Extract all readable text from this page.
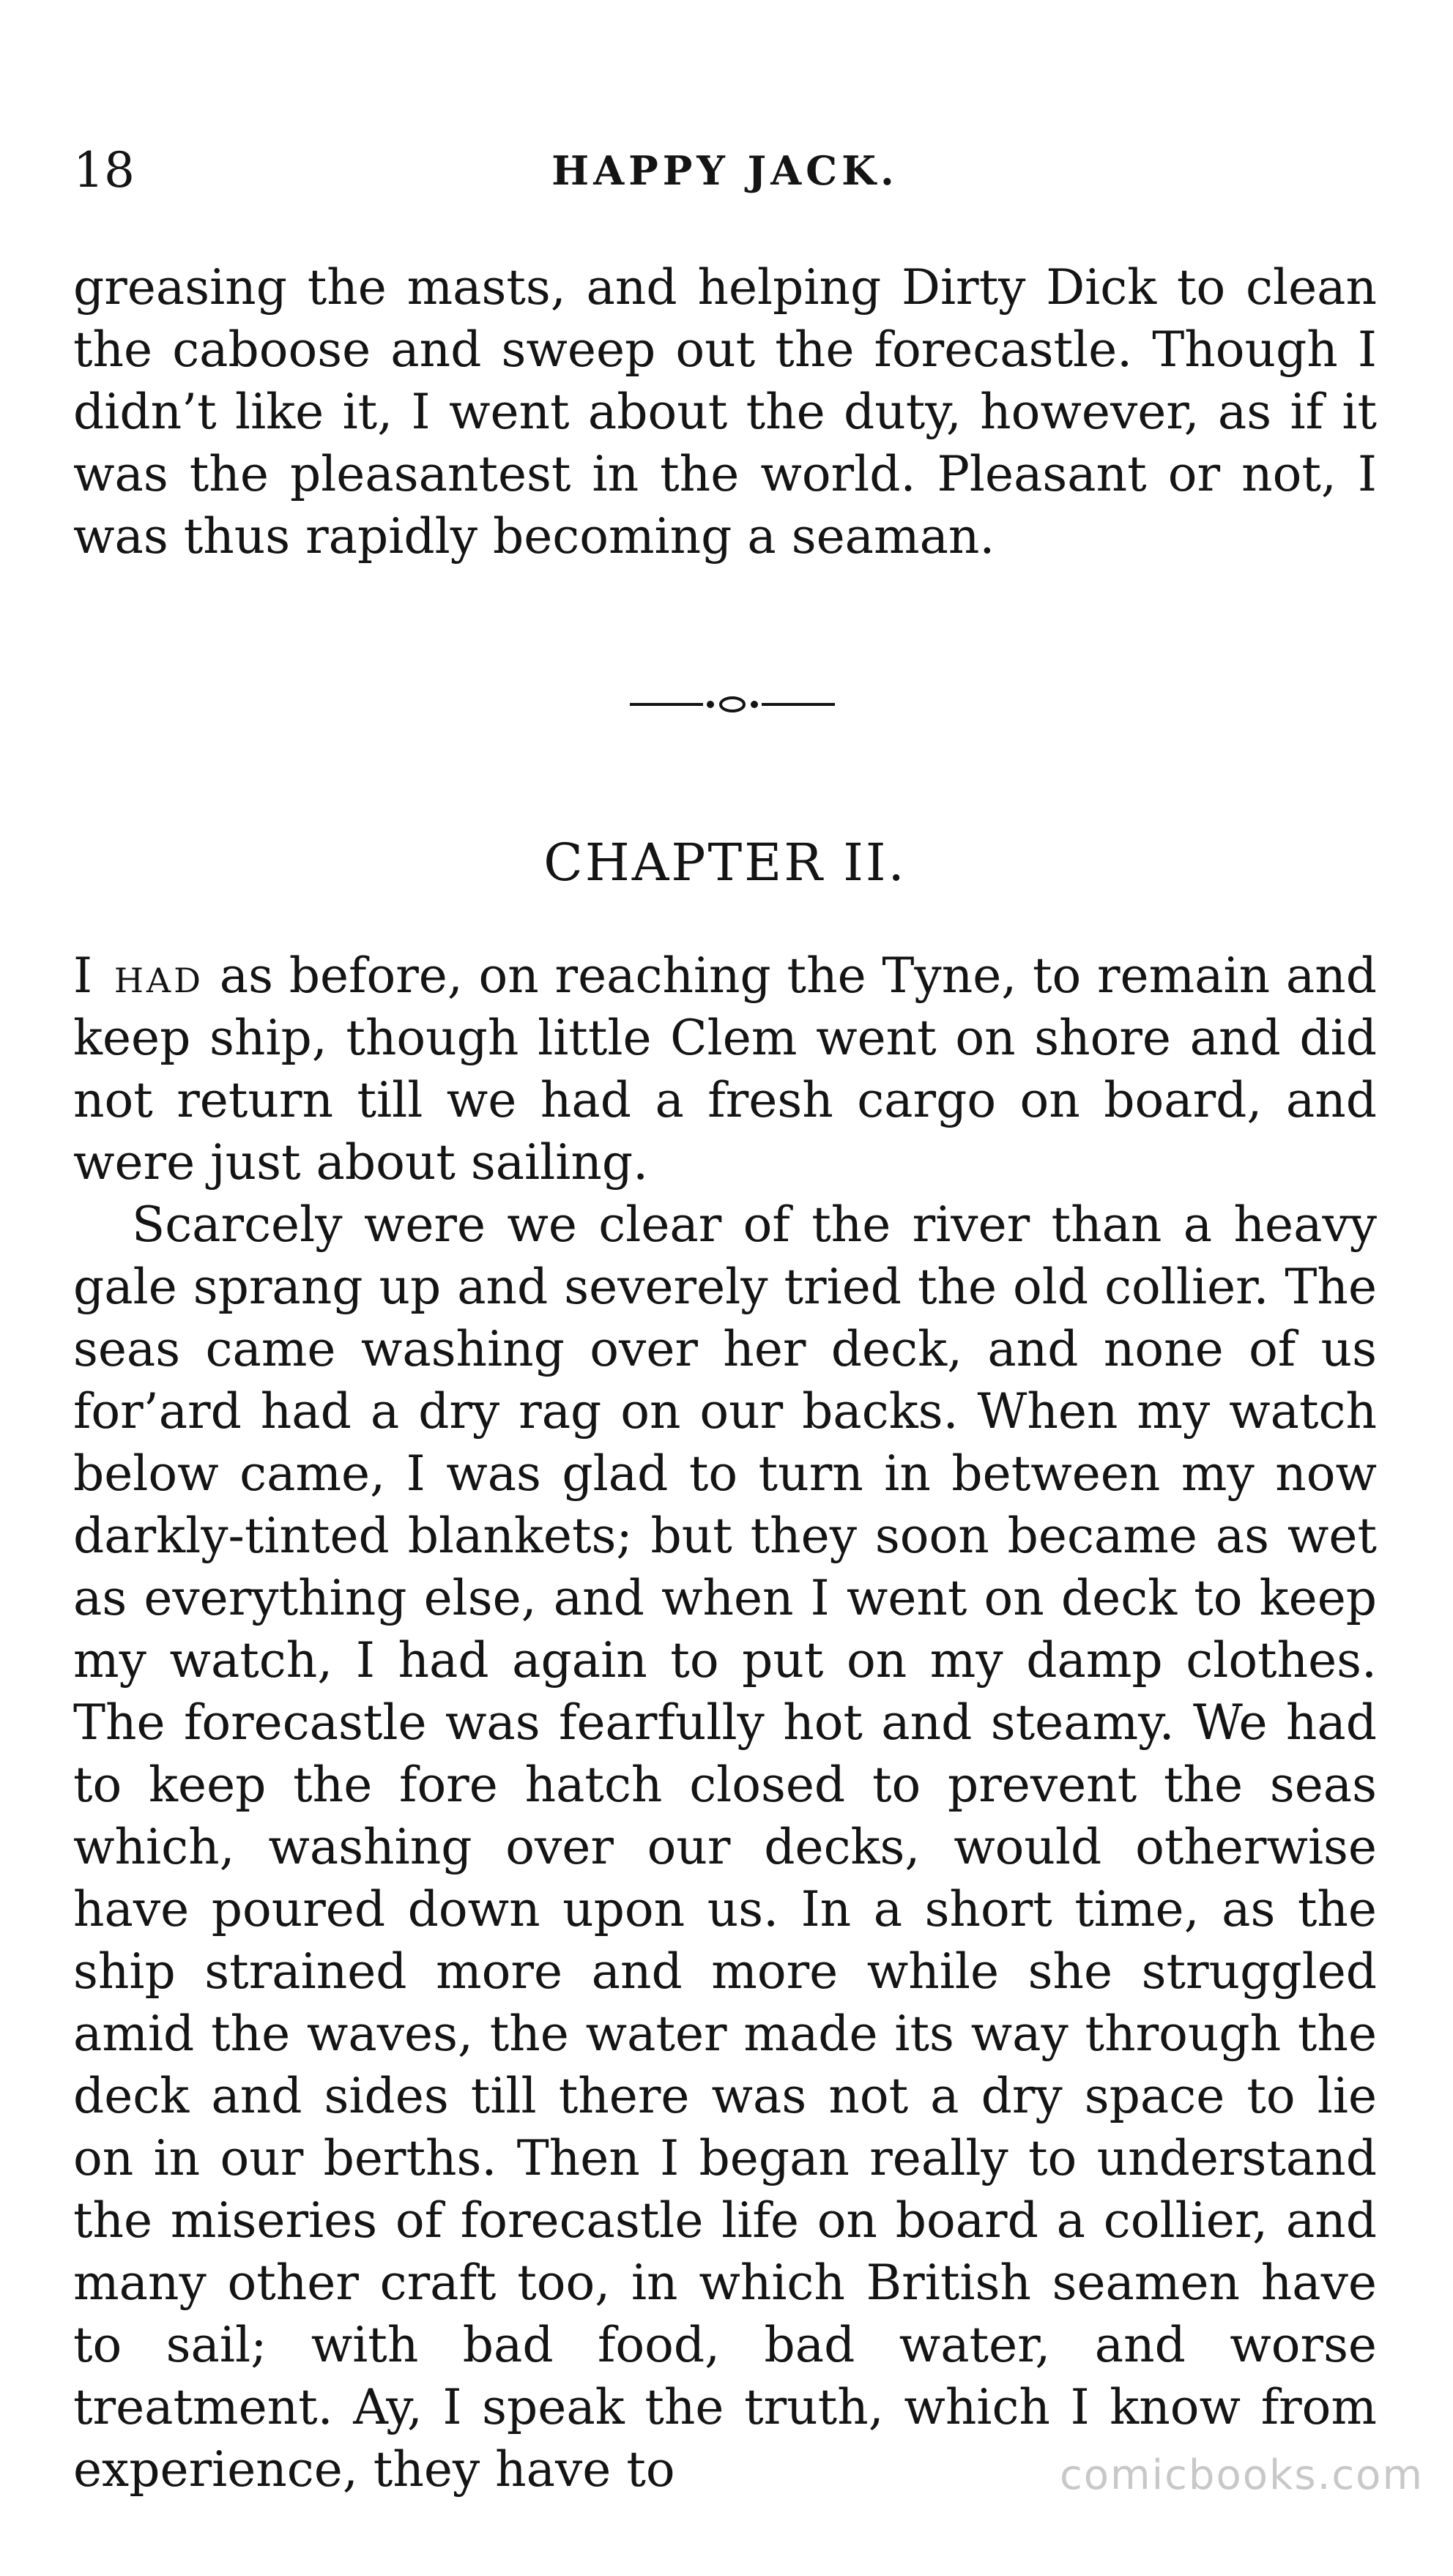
18	HAPPY JACK.

greasing the masts, and helping Dirty Dick to clean the caboose and sweep out the forecastle. Though I didn’t like it, I went about the duty, however, as if it was the pleasantest in the world. Pleasant or not, I was thus rapidly becoming a seaman.

CHAPTER II.

I had as before, on reaching the Tyne, to remain and keep ship, though little Clem went on shore and did not return till we had a fresh cargo on board, and were just about sailing.

Scarcely were we clear of the river than a heavy gale sprang up and severely tried the old collier. The seas came washing over her deck, and none of us for’ard had a dry rag on our backs. When my watch below came, I was glad to turn in between my now darkly-tinted blankets; but they soon became as wet as everything else, and when I went on deck to keep my watch, I had again to put on my damp clothes. The forecastle was fearfully hot and steamy. We had to keep the fore hatch closed to prevent the seas which, washing over our decks, would otherwise have poured down upon us. In a short time, as the ship strained more and more while she struggled amid the waves, the water made its way through the deck and sides till there was not a dry space to lie on in our berths. Then I began really to understand the miseries of forecastle life on board a collier, and many other craft too, in which British seamen have to sail; with bad food, bad water, and worse treatment. Ay, I speak the truth, which I know from experience, they have to	comicbooks.com
